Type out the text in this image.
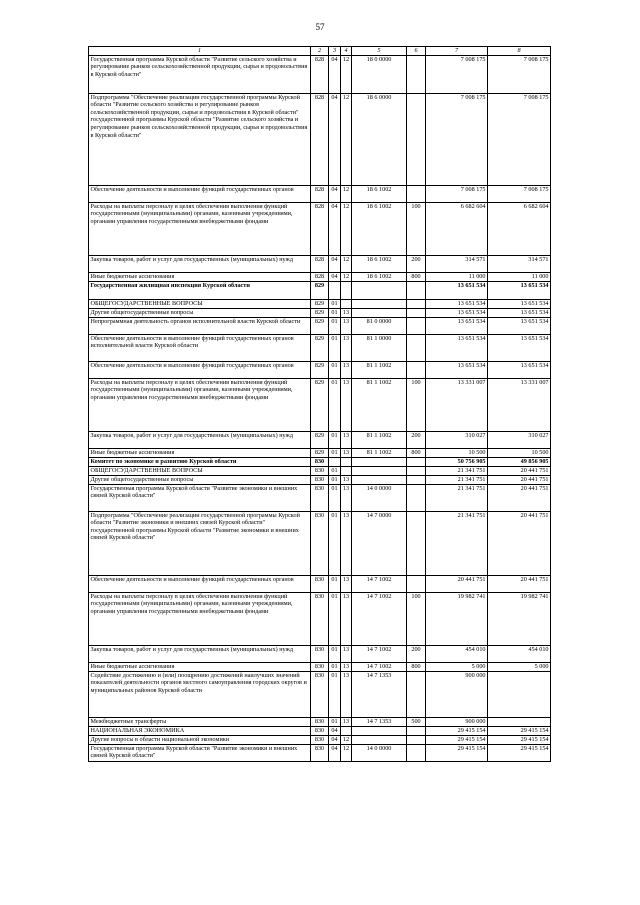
57
1	2	3	4	5	6	7	8
Государственная программа Курской области "Развитие сельского хозяйства и регулирование рынков сельскохозяйственной продукции, сырья и продовольствия в Курской области"	828	04	12	18 0 0000		7 008 175	7 008 175
Подпрограмма "Обеспечение реализации государственной программы Курской области "Развитие сельского хозяйства и регулирование рынков сельскохозяйственной продукции, сырья и продовольствия в Курской области" государственной программы Курской области "Развитие сельского хозяйства и регулирование рынков сельскохозяйственной продукции, сырья и продовольствия в Курской области"	828	04	12	18 6 0000		7 008 175	7 008 175
Обеспечение деятельности и выполнение функций государственных органов	828	04	12	18 6 1002		7 008 175	7 008 175
Расходы на выплаты персоналу в целях обеспечения выполнения функций государственными (муниципальными) органами, казенными учреждениями, органами управления государственными внебюджетными фондами	828	04	12	18 6 1002	100	6 682 604	6 682 604
Закупка товаров, работ и услуг для государственных (муниципальных) нужд	828	04	12	18 6 1002	200	314 571	314 571
Иные бюджетные ассигнования	828	04	12	18 6 1002	800	11 000	11 000
Государственная жилищная инспекция Курской области	829					13 651 534	13 651 534
ОБЩЕГОСУДАРСТВЕННЫЕ ВОПРОСЫ	829	01				13 651 534	13 651 534
Другие общегосударственные вопросы	829	01	13			13 651 534	13 651 534
Непрограммная деятельность органов исполнительной власти Курской области	829	01	13	81 0 0000		13 651 534	13 651 534
Обеспечение деятельности и выполнение функций государственных органов исполнительной власти Курской области	829	01	13	81 1 0000		13 651 534	13 651 534
Обеспечение деятельности и выполнение функций государственных органов	829	01	13	81 1 1002		13 651 534	13 651 534
Расходы на выплаты персоналу в целях обеспечения выполнения функций государственными (муниципальными) органами, казенными учреждениями, органами управления государственными внебюджетными фондами	829	01	13	81 1 1002	100	13 331 007	13 331 007
Закупка товаров, работ и услуг для государственных (муниципальных) нужд	829	01	13	81 1 1002	200	310 027	310 027
Иные бюджетные ассигнования	829	01	13	81 1 1002	800	10 500	10 500
Комитет по экономике и развитию Курской области	830					50 756 905	49 856 905
ОБЩЕГОСУДАРСТВЕННЫЕ ВОПРОСЫ	830	01				21 341 751	20 441 751
Другие общегосударственные вопросы	830	01	13			21 341 751	20 441 751
Государственная программа Курской области "Развитие экономики и внешних связей Курской области"	830	01	13	14 0 0000		21 341 751	20 441 751
Подпрограмма "Обеспечение реализации государственной программы Курской области "Развитие экономики и внешних связей Курской области" государственной программы Курской области "Развитие экономики и внешних связей Курской области"	830	01	13	14 7 0000		21 341 751	20 441 751
Обеспечение деятельности и выполнение функций государственных органов	830	01	13	14 7 1002		20 441 751	20 441 751
Расходы на выплаты персоналу в целях обеспечения выполнения функций государственными (муниципальными) органами, казенными учреждениями, органами управления государственными внебюджетными фондами	830	01	13	14 7 1002	100	19 982 741	19 982 741
Закупка товаров, работ и услуг для государственных (муниципальных) нужд	830	01	13	14 7 1002	200	454 010	454 010
Иные бюджетные ассигнования	830	01	13	14 7 1002	800	5 000	5 000
Содействие достижению и (или) поощрению достижений наилучших значений показателей деятельности органов местного самоуправления городских округов и муниципальных районов Курской области	830	01	13	14 7 1353		900 000	
Межбюджетные трансферты	830	01	13	14 7 1353	500	900 000	
НАЦИОНАЛЬНАЯ ЭКОНОМИКА	830	04				29 415 154	29 415 154
Другие вопросы в области национальной экономики	830	04	12			29 415 154	29 415 154
Государственная программа Курской области "Развитие экономики и внешних связей Курской области"	830	04	12	14 0 0000		29 415 154	29 415 154
